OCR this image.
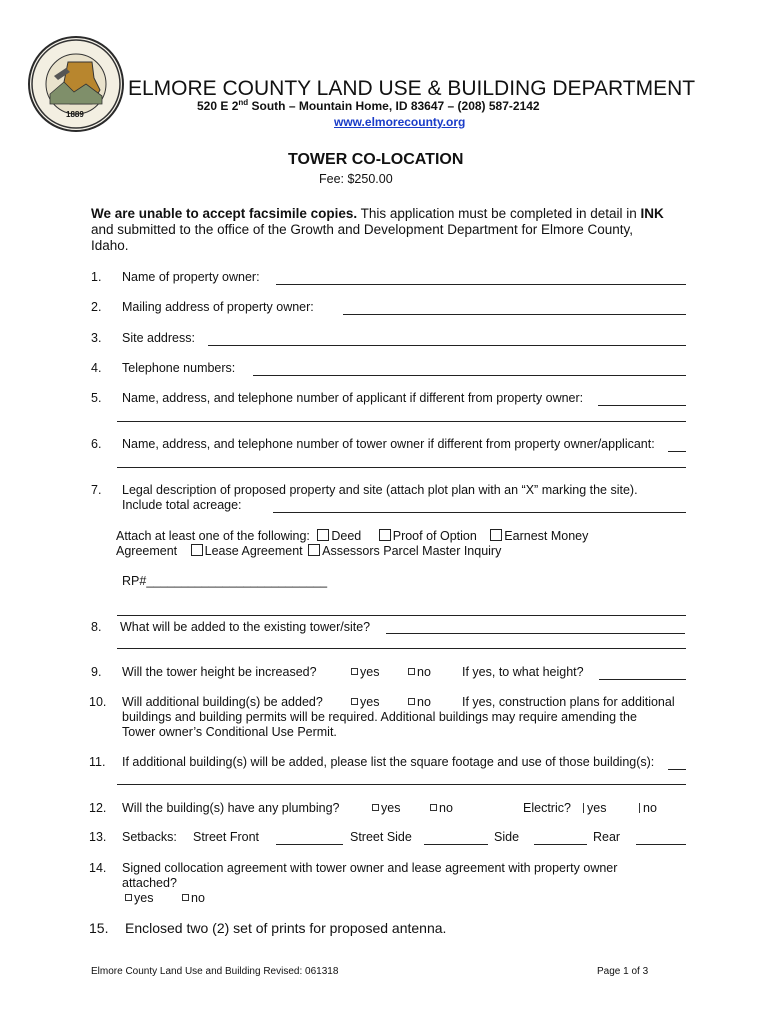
1889
ELMORE COUNTY LAND USE & BUILDING DEPARTMENT
520 E 2nd South – Mountain Home, ID 83647 – (208) 587-2142
www.elmorecounty.org
TOWER CO-LOCATION
Fee: $250.00
We are unable to accept facsimile copies. This application must be completed in detail in INK
and submitted to the office of the Growth and Development Department for Elmore County,
Idaho.
1. Name of property owner:
2. Mailing address of property owner:
3. Site address:
4. Telephone numbers:
5. Name, address, and telephone number of applicant if different from property owner:
6. Name, address, and telephone number of tower owner if different from property owner/applicant:
7. Legal description of proposed property and site (attach plot plan with an “X” marking the site).
Include total acreage:
Attach at least one of the following: Deed	Proof of Option Earnest Money
Agreement Lease Agreement Assessors Parcel Master Inquiry
RP#__________________________
8. What will be added to the existing tower/site?
9. Will the tower height be increased?	yes	no If yes, to what height?
10. Will additional building(s) be added?	yes	no If yes, construction plans for additional
buildings and building permits will be required. Additional buildings may require amending the
Tower owner’s Conditional Use Permit.
11. If additional building(s) will be added, please list the square footage and use of those building(s):
12. Will the building(s) have any plumbing?	yes	no	Electric?	yes	no
13. Setbacks: Street Front	Street Side	Side	Rear
14. Signed collocation agreement with tower owner and lease agreement with property owner
attached?
yes	no
15. Enclosed two (2) set of prints for proposed antenna.
Elmore County Land Use and Building Revised: 061318	Page 1 of 3
